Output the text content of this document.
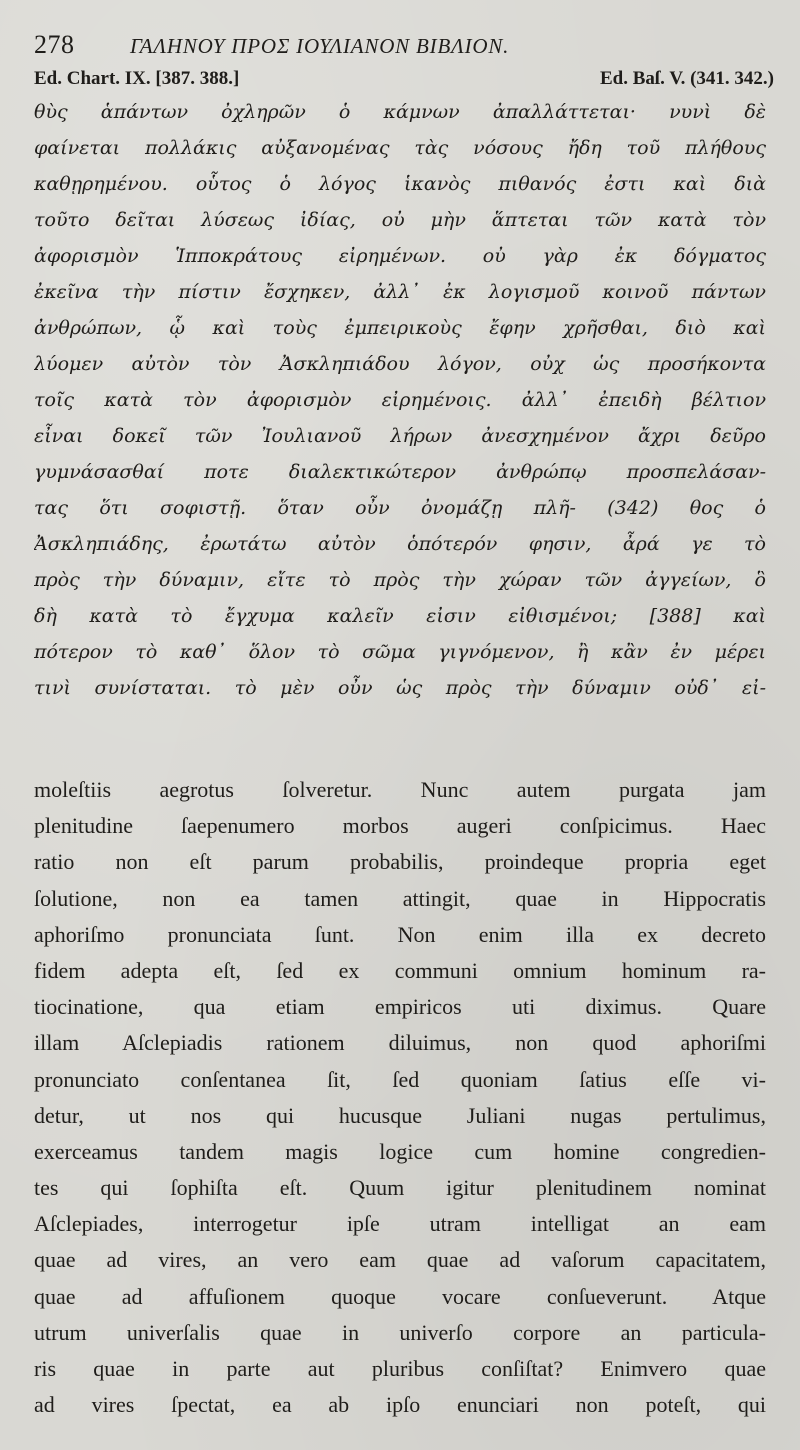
278	ΓΑΛΗΝΟΥ ΠΡΟΣ ΙΟΥΛΙΑΝΟΝ ΒΙΒΛΙΟΝ.
Ed. Chart. IX. [387. 388.]	Ed. Baſ. V. (341. 342.)
θὺς ἁπάντων ὀχληρῶν ὁ κάμνων ἀπαλλάττεται· νυνὶ δὲ
φαίνεται πολλάκις αὐξανομένας τὰς νόσους ἤδη τοῦ πλήθους
καθῃρημένου. οὗτος ὁ λόγος ἱκανὸς πιθανός ἐστι καὶ διὰ
τοῦτο δεῖται λύσεως ἰδίας, οὐ μὴν ἅπτεται τῶν κατὰ τὸν
ἀφορισμὸν Ἱπποκράτους εἰρημένων. οὐ γὰρ ἐκ δόγματος
ἐκεῖνα τὴν πίστιν ἔσχηκεν, ἀλλ᾽ ἐκ λογισμοῦ κοινοῦ πάντων
ἀνθρώπων, ᾧ καὶ τοὺς ἐμπειρικοὺς ἔφην χρῆσθαι, διὸ καὶ
λύομεν αὐτὸν τὸν Ἀσκληπιάδου λόγον, οὐχ ὡς προσήκοντα
τοῖς κατὰ τὸν ἀφορισμὸν εἰρημένοις. ἀλλ᾽ ἐπειδὴ βέλτιον
εἶναι δοκεῖ τῶν Ἰουλιανοῦ λήρων ἀνεσχημένον ἄχρι δεῦρο
γυμνάσασθαί ποτε διαλεκτικώτερον ἀνθρώπῳ προσπελάσαν-
τας ὅτι σοφιστῇ. ὅταν οὖν ὀνομάζῃ πλῆ- (342) θος ὁ
Ἀσκληπιάδης, ἐρωτάτω αὐτὸν ὁπότερόν φησιν, ἆρά γε τὸ
πρὸς τὴν δύναμιν, εἴτε τὸ πρὸς τὴν χώραν τῶν ἀγγείων, ὃ
δὴ κατὰ τὸ ἔγχυμα καλεῖν εἰσιν εἰθισμένοι; [388] καὶ
πότερον τὸ καθ᾽ ὅλον τὸ σῶμα γιγνόμενον, ἢ κἂν ἐν μέρει
τινὶ συνίσταται. τὸ μὲν οὖν ὡς πρὸς τὴν δύναμιν οὐδ᾽ εἰ-
moleſtiis aegrotus ſolveretur. Nunc autem purgata jam
plenitudine ſaepenumero morbos augeri conſpicimus. Haec
ratio non eſt parum probabilis, proindeque propria eget
ſolutione, non ea tamen attingit, quae in Hippocratis
aphoriſmo pronunciata ſunt. Non enim illa ex decreto
fidem adepta eſt, ſed ex communi omnium hominum ra-
tiocinatione, qua etiam empiricos uti diximus. Quare
illam Aſclepiadis rationem diluimus, non quod aphoriſmi
pronunciato conſentanea ſit, ſed quoniam ſatius eſſe vi-
detur, ut nos qui hucusque Juliani nugas pertulimus,
exerceamus tandem magis logice cum homine congredien-
tes qui ſophiſta eſt. Quum igitur plenitudinem nominat
Aſclepiades, interrogetur ipſe utram intelligat an eam
quae ad vires, an vero eam quae ad vaſorum capacitatem,
quae ad affuſionem quoque vocare conſueverunt. Atque
utrum univerſalis quae in univerſo corpore an particula-
ris quae in parte aut pluribus conſiſtat? Enimvero quae
ad vires ſpectat, ea ab ipſo enunciari non poteſt, qui
